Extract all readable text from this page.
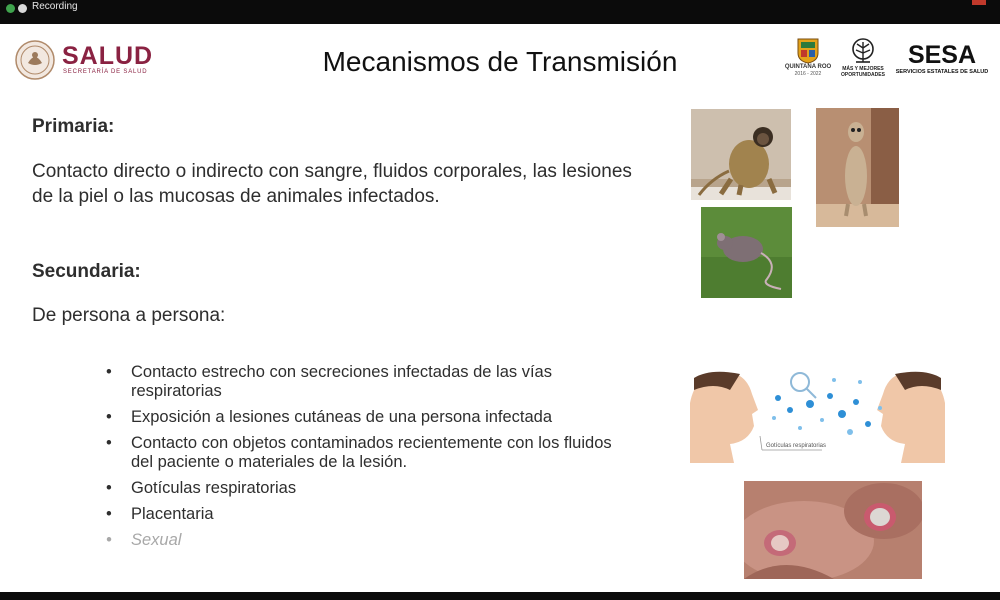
Recording
SALUD
SECRETARÍA DE SALUD	Mecanismos de Transmisión	QUINTANA ROO
2016 - 2022
MÁS Y MEJORES
OPORTUNIDADES
SESA
SERVICIOS ESTATALES DE SALUD
Primaria:
Contacto directo o indirecto con sangre, fluidos corporales, las lesiones de la piel o las mucosas de animales infectados.
Secundaria:
De persona a persona:
• Contacto estrecho con secreciones infectadas de las vías respiratorias
• Exposición a lesiones cutáneas de una persona infectada
• Contacto con objetos contaminados recientemente con los fluidos del paciente o materiales de la lesión.
• Gotículas respiratorias
• Placentaria
• Sexual
Gotículas respiratorias
